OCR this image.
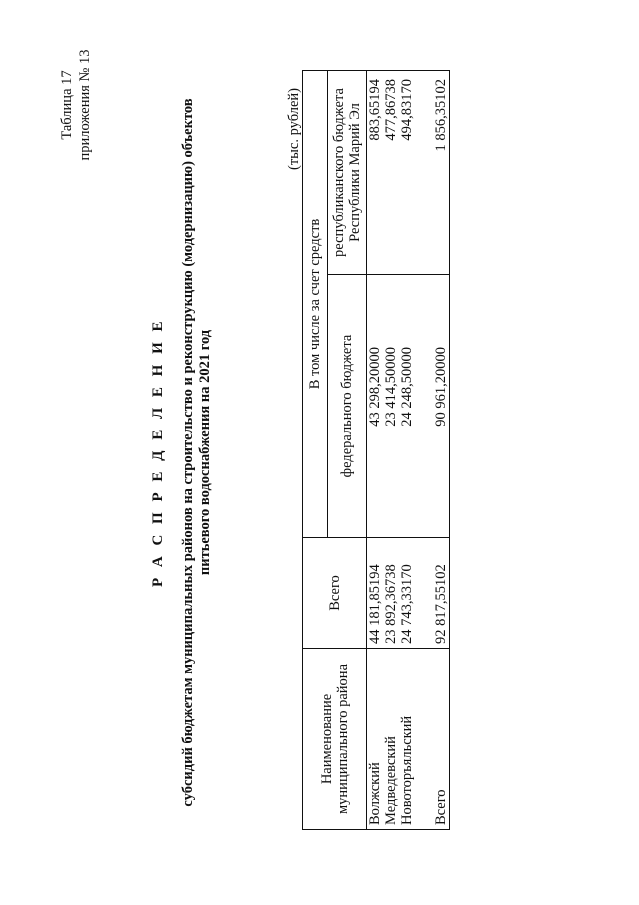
Таблица 17 приложения № 13
Р А С П Р Е Д Е Л Е Н И Е субсидий бюджетам муниципальных районов на строительство и реконструкцию (модернизацию) объектов питьевого водоснабжения на 2021 год
(тыс. рублей)
Наименование муниципального района	Всего	В том числе за счет средств	
		федерального бюджета	республиканского бюджета Республики Марий Эл
Волжский	44 181,85194	43 298,20000	883,65194
Медведевский	23 892,36738	23 414,50000	477,86738
Новоторъяльский	24 743,33170	24 248,50000	494,83170

Всего	92 817,55102	90 961,20000	1 856,35102
